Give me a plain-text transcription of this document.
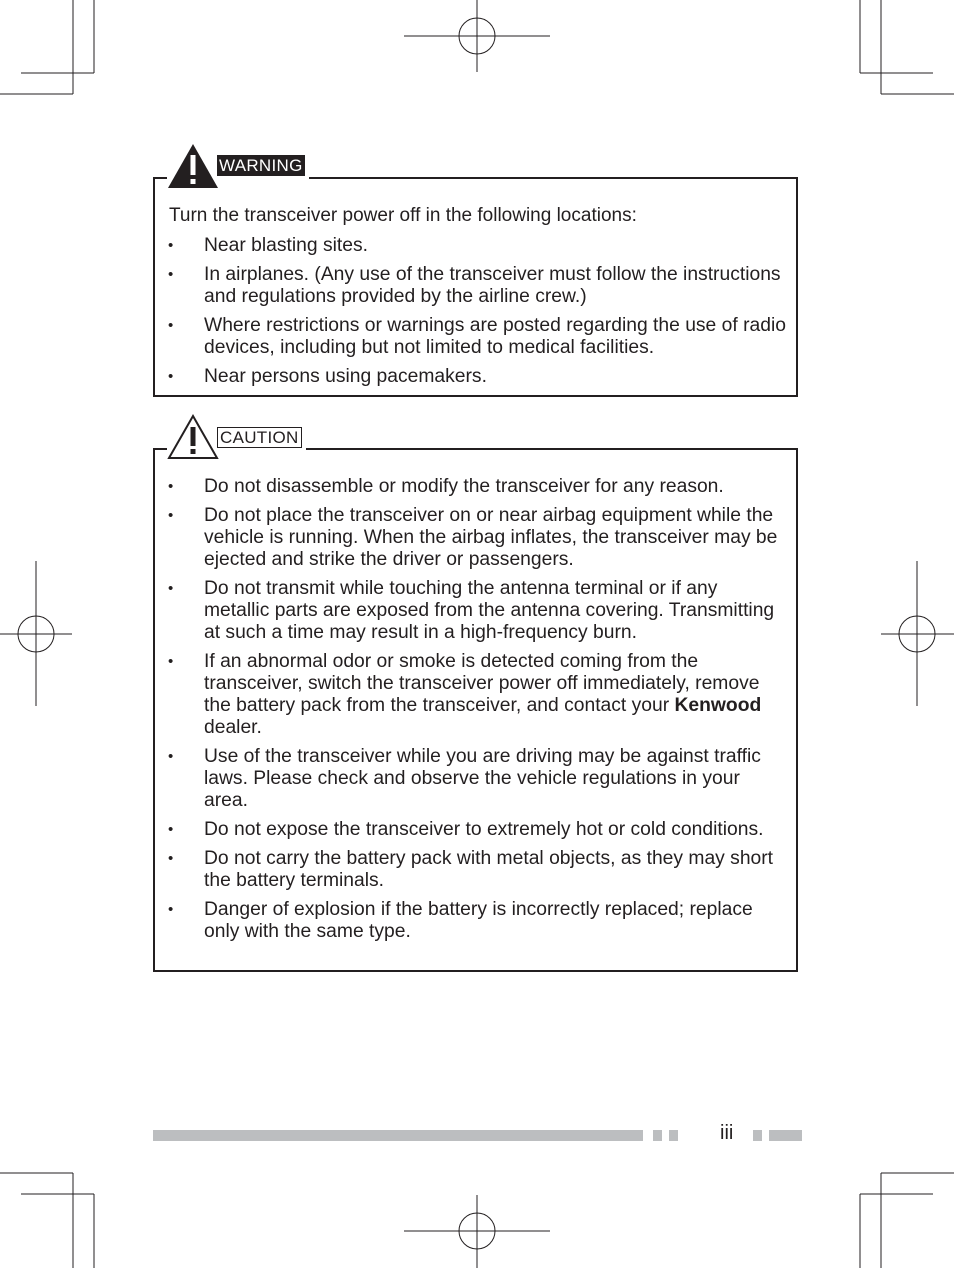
WARNING
Turn the transceiver power off in the following locations:
• Near blasting sites.
• In airplanes. (Any use of the transceiver must follow the instructions and regulations provided by the airline crew.)
• Where restrictions or warnings are posted regarding the use of radio devices, including but not limited to medical facilities.
• Near persons using pacemakers.
CAUTION
• Do not disassemble or modify the transceiver for any reason.
• Do not place the transceiver on or near airbag equipment while the vehicle is running. When the airbag inflates, the transceiver may be ejected and strike the driver or passengers.
• Do not transmit while touching the antenna terminal or if any metallic parts are exposed from the antenna covering. Transmitting at such a time may result in a high-frequency burn.
• If an abnormal odor or smoke is detected coming from the transceiver, switch the transceiver power off immediately, remove the battery pack from the transceiver, and contact your Kenwood dealer.
• Use of the transceiver while you are driving may be against traffic laws. Please check and observe the vehicle regulations in your area.
• Do not expose the transceiver to extremely hot or cold conditions.
• Do not carry the battery pack with metal objects, as they may short the battery terminals.
• Danger of explosion if the battery is incorrectly replaced; replace only with the same type.
iii
